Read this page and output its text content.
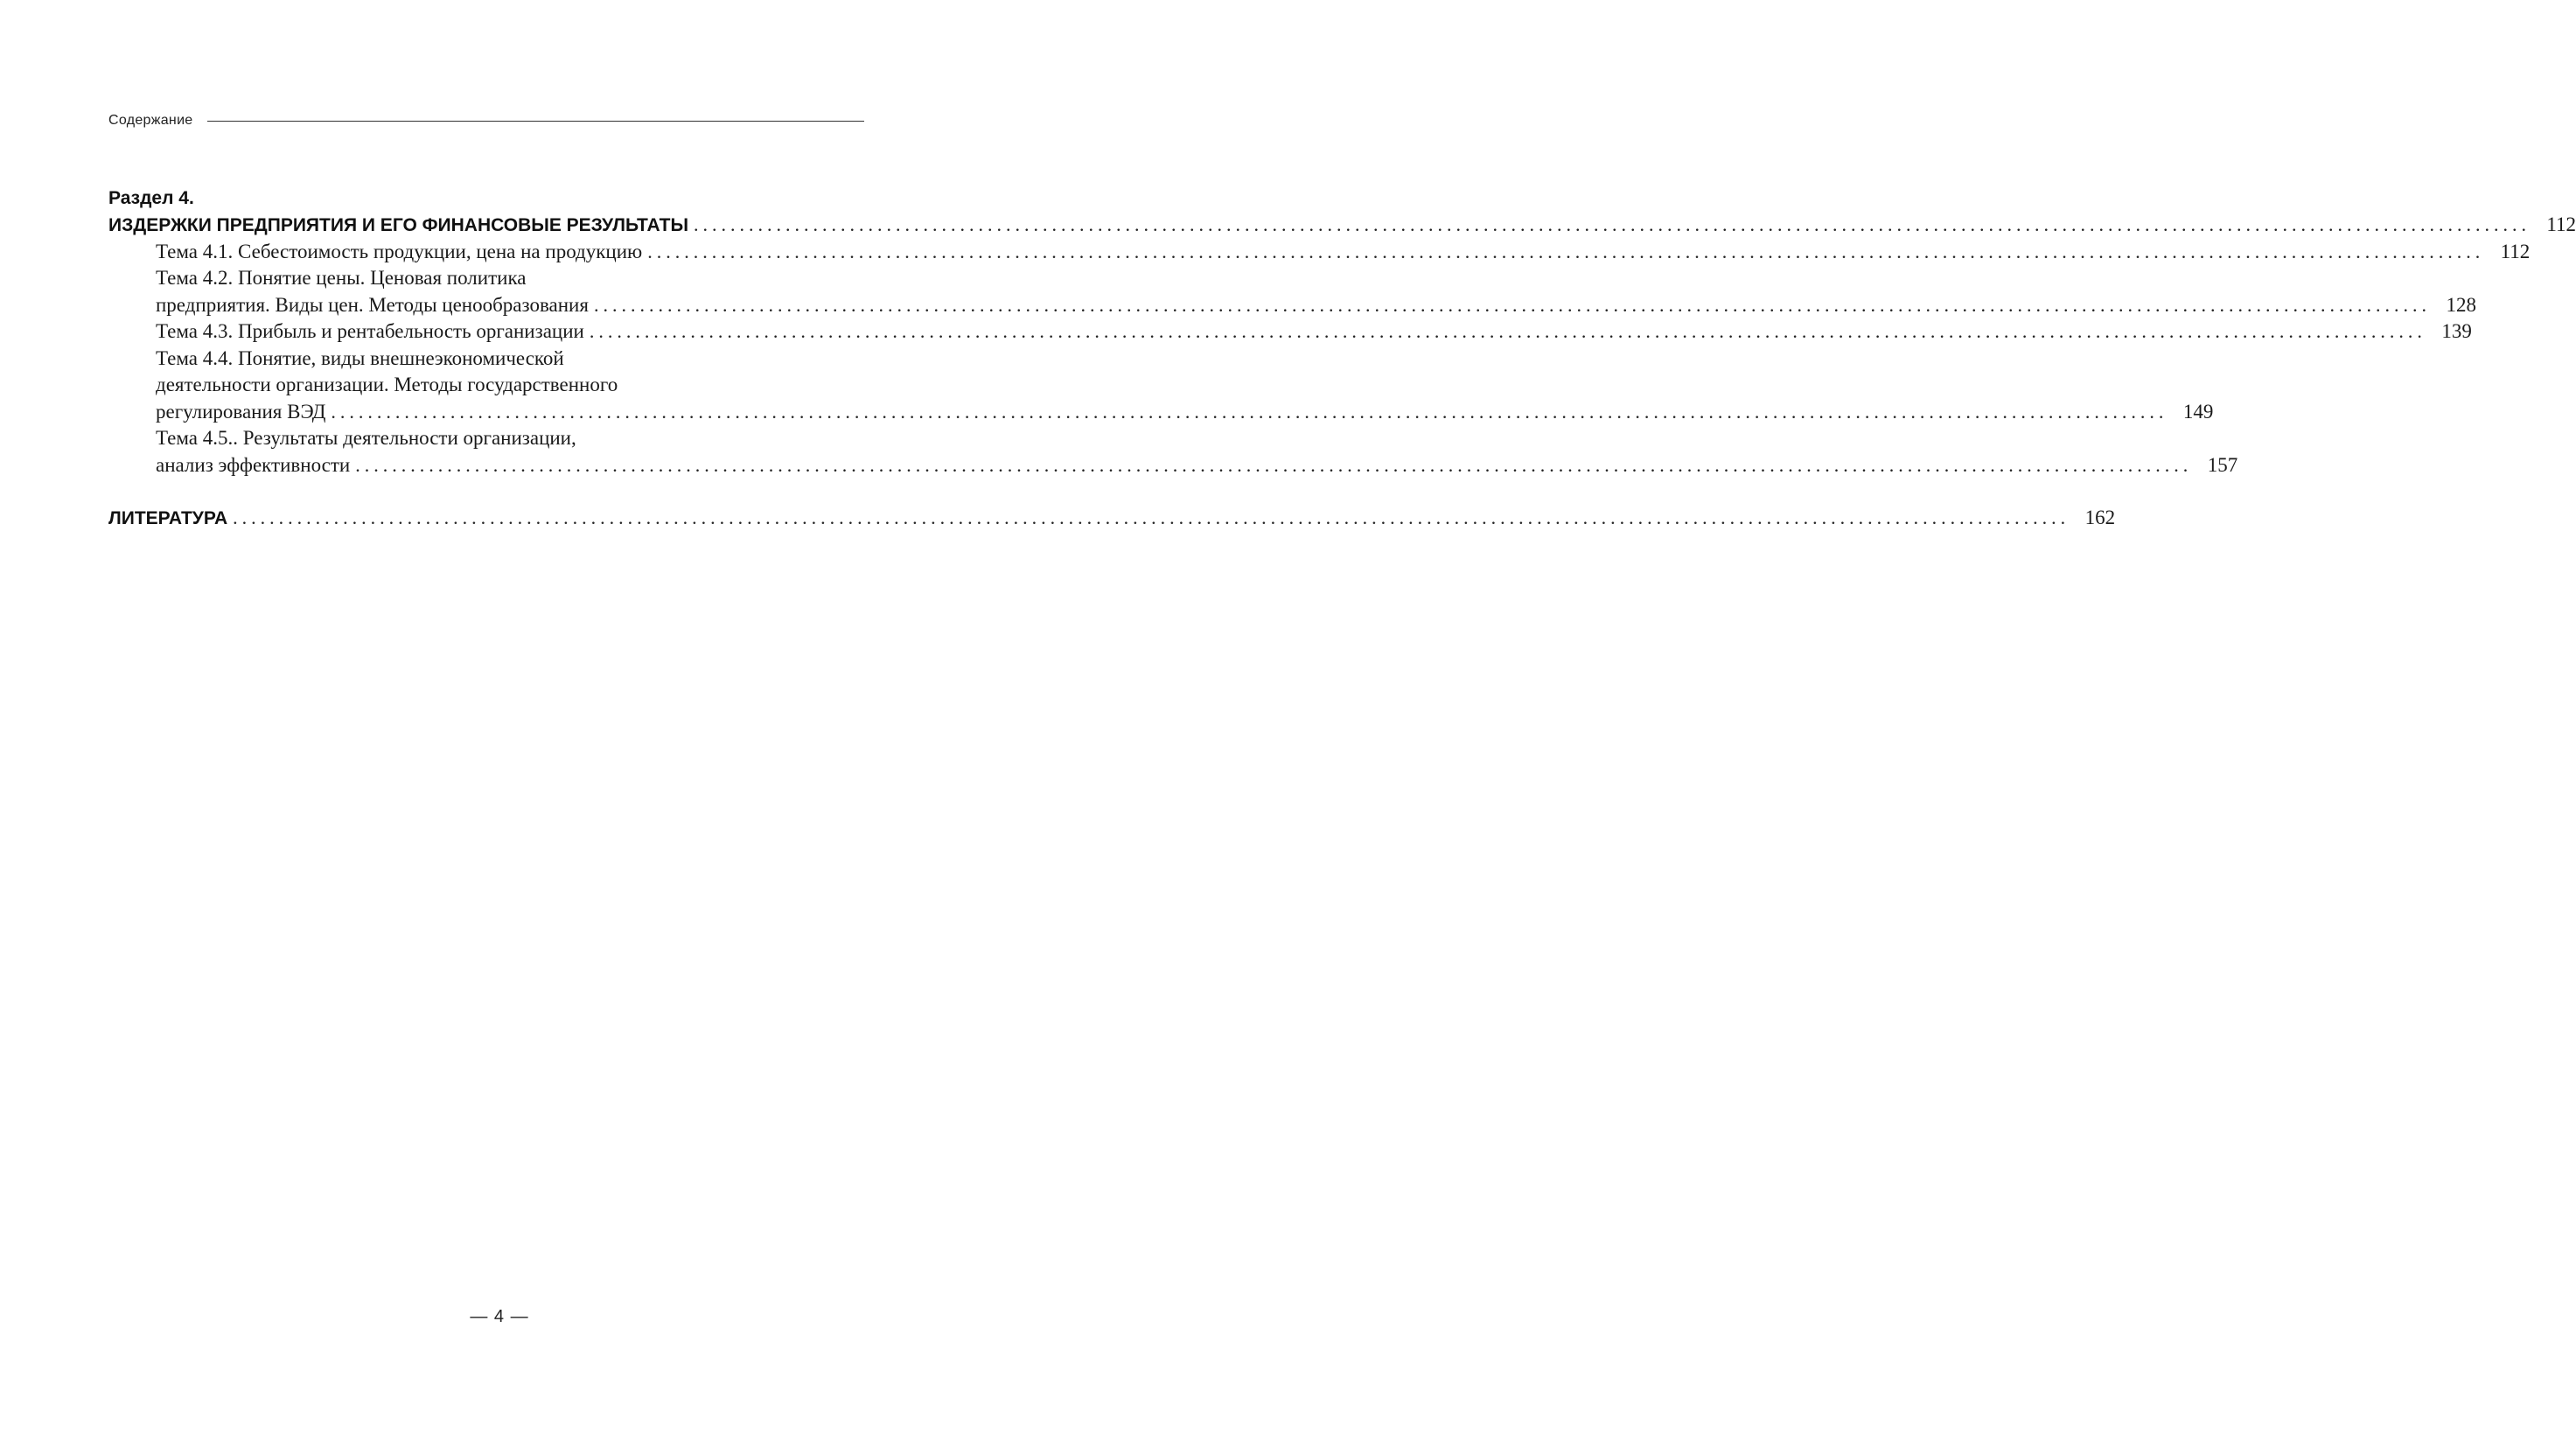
Содержание
Раздел 4.
ИЗДЕРЖКИ ПРЕДПРИЯТИЯ И ЕГО ФИНАНСОВЫЕ РЕЗУЛЬТАТЫ ........................................................................................................................................................................................................ 112
Тема 4.1. Себестоимость продукции, цена на продукцию ........................................................................................................................................................................................................ 112
Тема 4.2. Понятие цены. Ценовая политика
предприятия. Виды цен. Методы ценообразования ........................................................................................................................................................................................................ 128
Тема 4.3. Прибыль и рентабельность организации ........................................................................................................................................................................................................ 139
Тема 4.4. Понятие, виды внешнеэкономической
деятельности организации. Методы государственного
регулирования ВЭД ........................................................................................................................................................................................................ 149
Тема 4.5.. Результаты деятельности организации,
анализ эффективности ........................................................................................................................................................................................................ 157
ЛИТЕРАТУРА ........................................................................................................................................................................................................ 162
— 4 —
